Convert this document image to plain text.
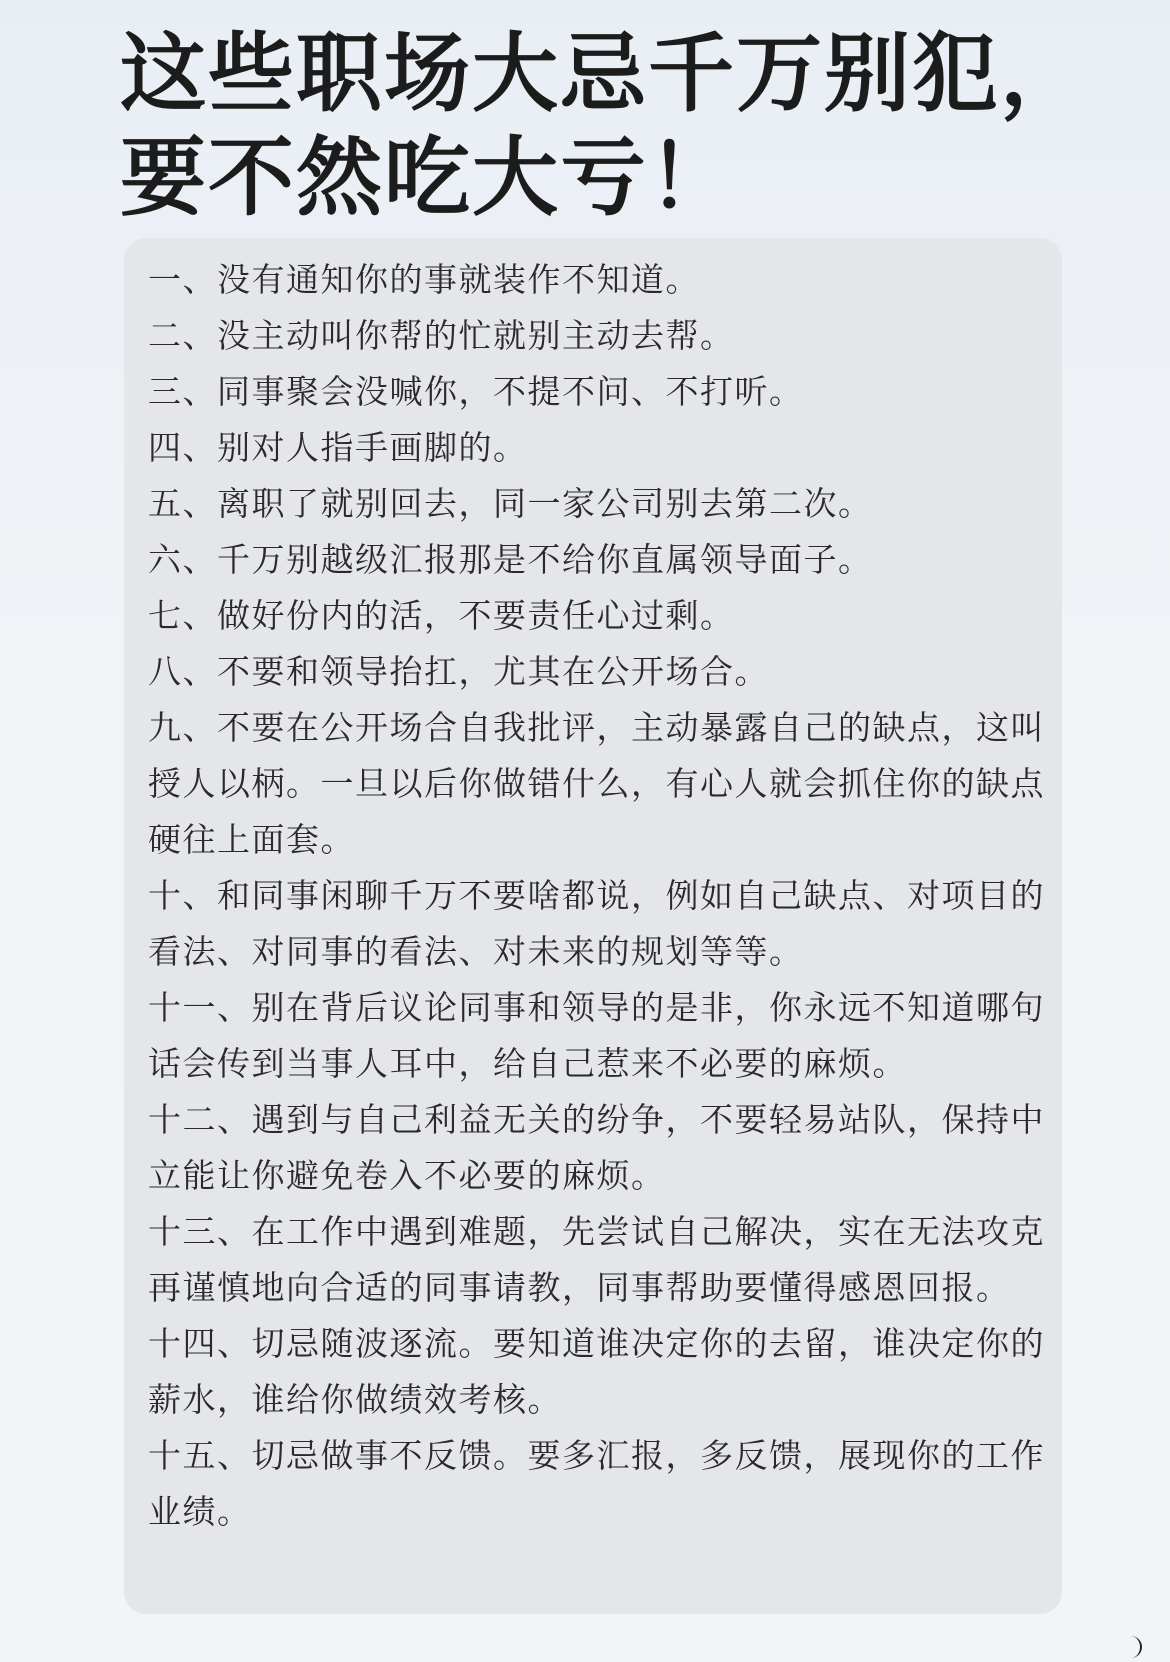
这些职场大忌千万别犯，
要不然吃大亏！
一、没有通知你的事就装作不知道。
二、没主动叫你帮的忙就别主动去帮。
三、同事聚会没喊你，不提不问、不打听。
四、别对人指手画脚的。
五、离职了就别回去，同一家公司别去第二次。
六、千万别越级汇报那是不给你直属领导面子。
七、做好份内的活，不要责任心过剩。
八、不要和领导抬扛，尤其在公开场合。
九、不要在公开场合自我批评，主动暴露自己的缺点，这叫授人以柄。一旦以后你做错什么，有心人就会抓住你的缺点硬往上面套。
十、和同事闲聊千万不要啥都说，例如自己缺点、对项目的看法、对同事的看法、对未来的规划等等。
十一、别在背后议论同事和领导的是非，你永远不知道哪句话会传到当事人耳中，给自己惹来不必要的麻烦。
十二、遇到与自己利益无关的纷争，不要轻易站队，保持中立能让你避免卷入不必要的麻烦。
十三、在工作中遇到难题，先尝试自己解决，实在无法攻克再谨慎地向合适的同事请教，同事帮助要懂得感恩回报。
十四、切忌随波逐流。要知道谁决定你的去留，谁决定你的薪水，谁给你做绩效考核。
十五、切忌做事不反馈。要多汇报，多反馈，展现你的工作业绩。
